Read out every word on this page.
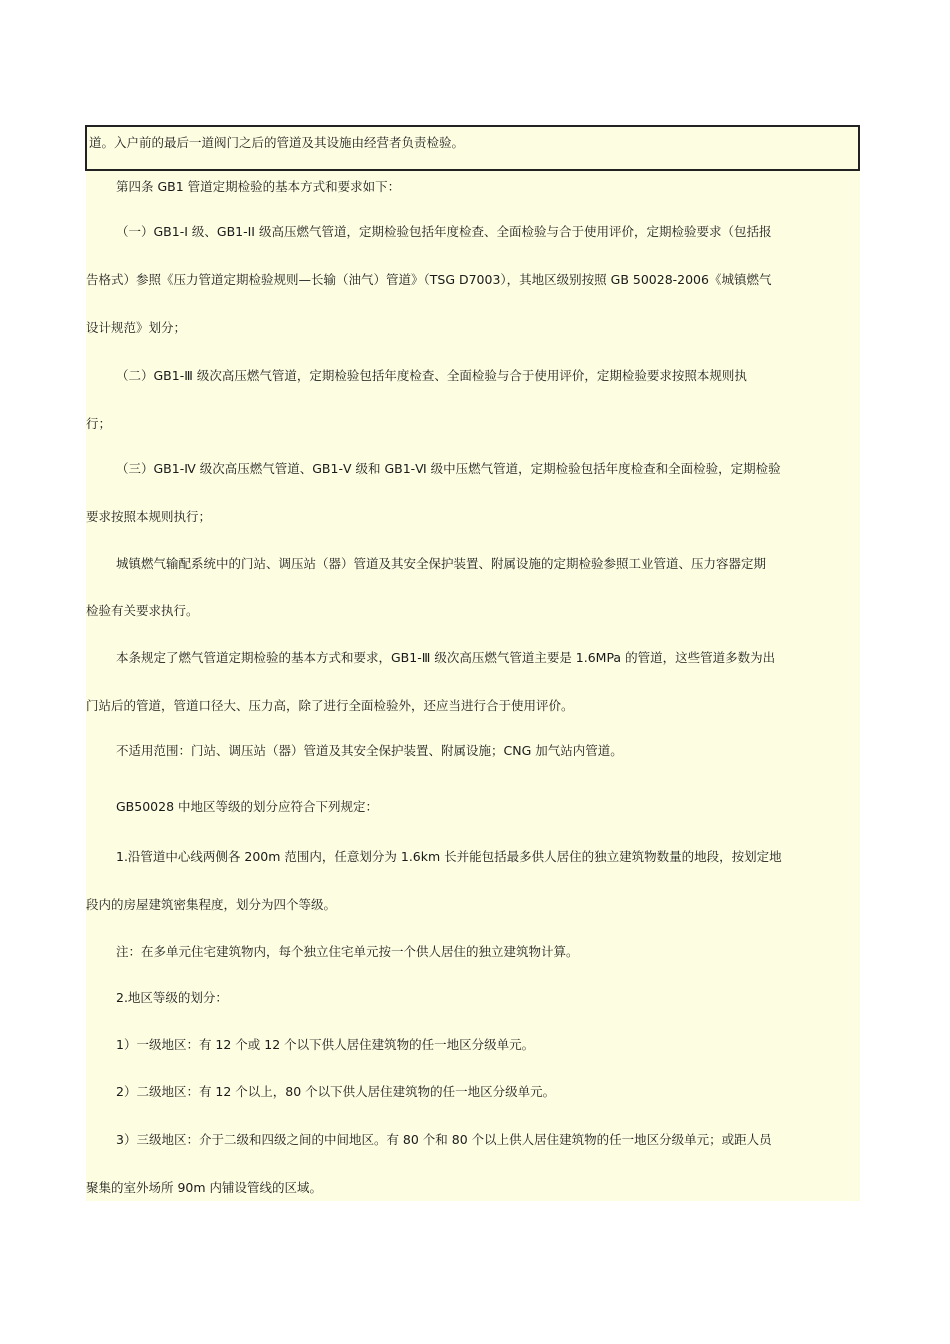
道。入户前的最后一道阀门之后的管道及其设施由经营者负责检验。
第四条 GB1 管道定期检验的基本方式和要求如下：
（一）GB1-I 级、GB1-II 级高压燃气管道，定期检验包括年度检查、全面检验与合于使用评价，定期检验要求（包括报
告格式）参照《压力管道定期检验规则—长输（油气）管道》（TSG D7003），其地区级别按照 GB 50028-2006《城镇燃气
设计规范》划分；
（二）GB1-Ⅲ 级次高压燃气管道，定期检验包括年度检查、全面检验与合于使用评价，定期检验要求按照本规则执
行；
（三）GB1-Ⅳ 级次高压燃气管道、GB1-Ⅴ 级和 GB1-Ⅵ 级中压燃气管道，定期检验包括年度检查和全面检验，定期检验
要求按照本规则执行；
城镇燃气输配系统中的门站、调压站（器）管道及其安全保护装置、附属设施的定期检验参照工业管道、压力容器定期
检验有关要求执行。
本条规定了燃气管道定期检验的基本方式和要求，GB1-Ⅲ 级次高压燃气管道主要是 1.6MPa 的管道，这些管道多数为出
门站后的管道，管道口径大、压力高，除了进行全面检验外，还应当进行合于使用评价。
不适用范围：门站、调压站（器）管道及其安全保护装置、附属设施；CNG 加气站内管道。
GB50028 中地区等级的划分应符合下列规定：
1.沿管道中心线两侧各 200m 范围内，任意划分为 1.6km 长并能包括最多供人居住的独立建筑物数量的地段，按划定地
段内的房屋建筑密集程度，划分为四个等级。
注：在多单元住宅建筑物内，每个独立住宅单元按一个供人居住的独立建筑物计算。
2.地区等级的划分：
1）一级地区：有 12 个或 12 个以下供人居住建筑物的任一地区分级单元。
2）二级地区：有 12 个以上，80 个以下供人居住建筑物的任一地区分级单元。
3）三级地区：介于二级和四级之间的中间地区。有 80 个和 80 个以上供人居住建筑物的任一地区分级单元；或距人员
聚集的室外场所 90m 内铺设管线的区域。
